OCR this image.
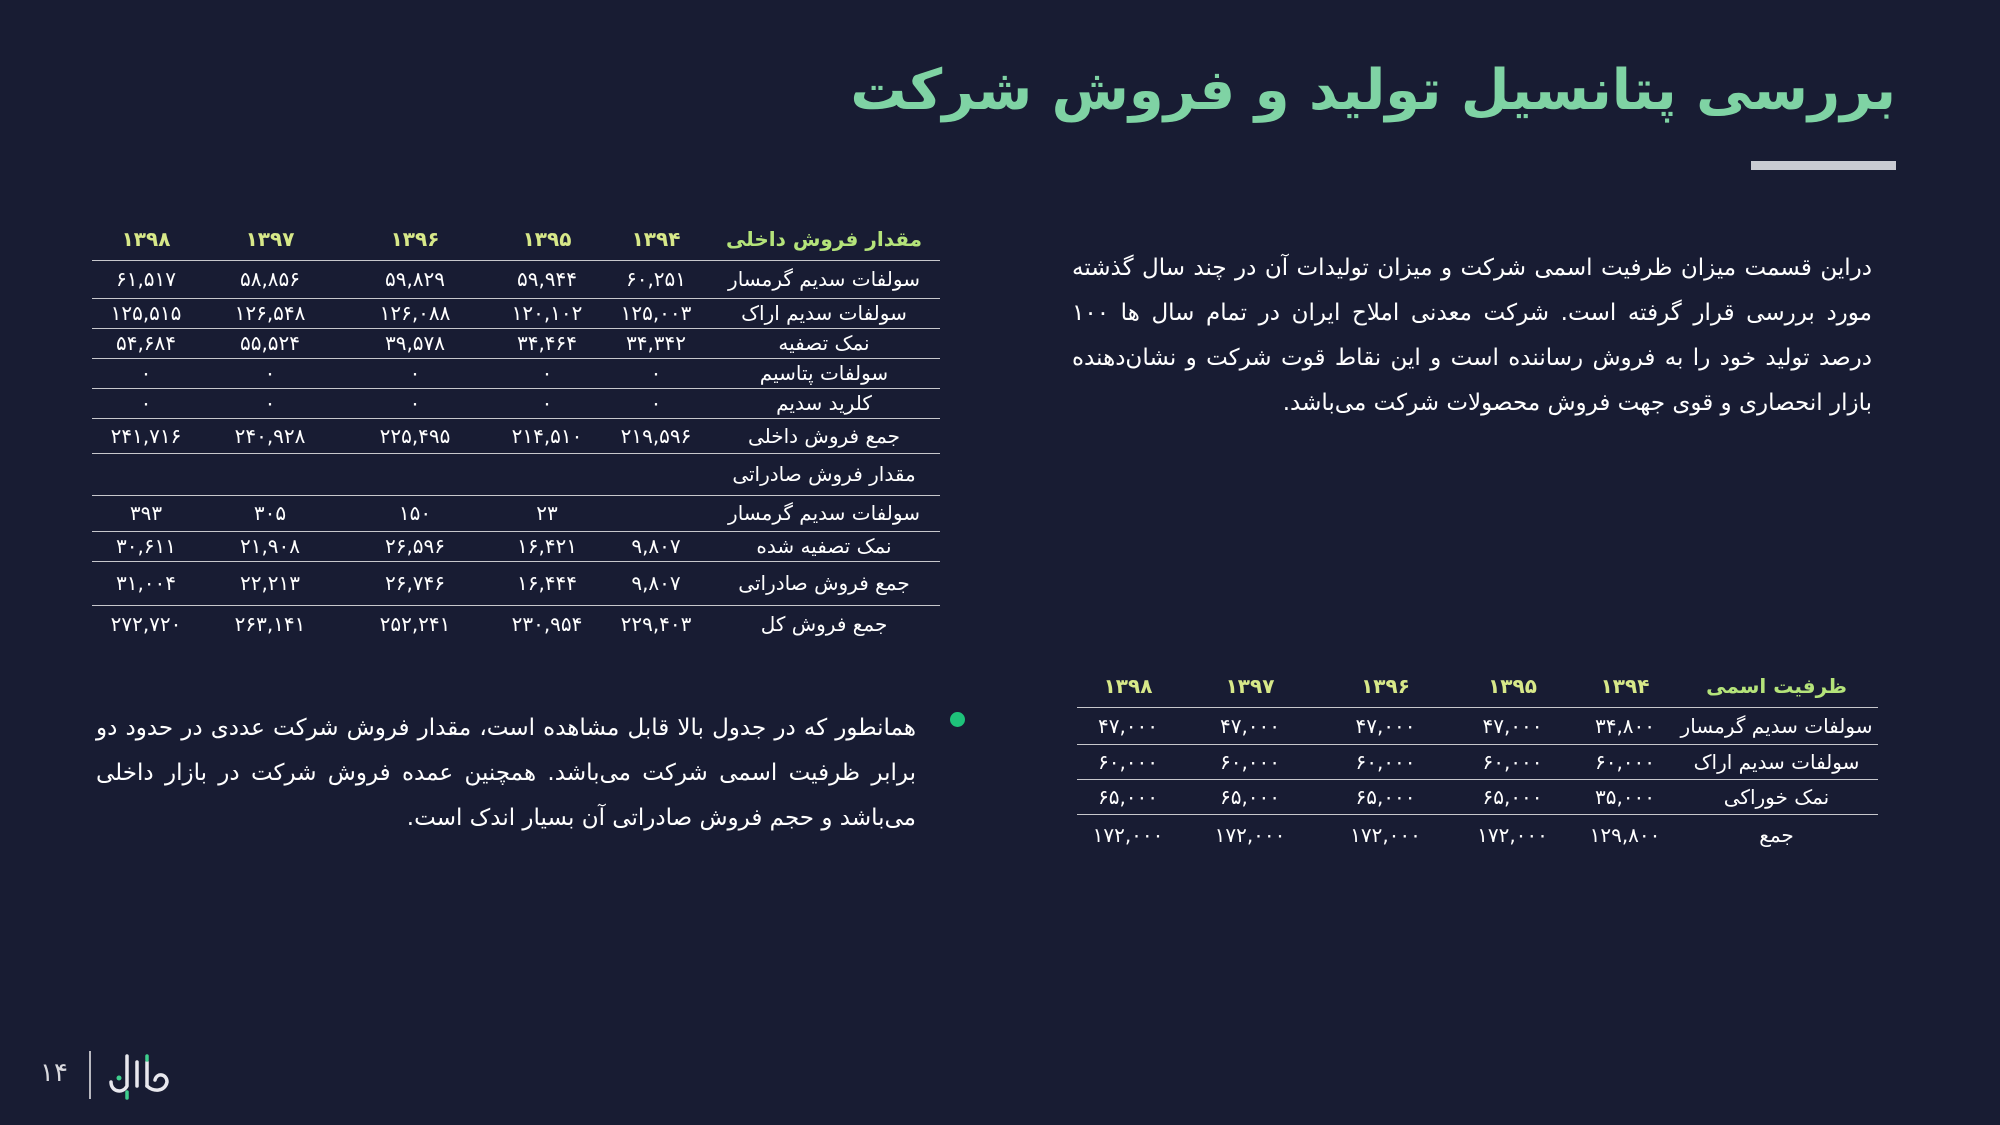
بررسی پتانسیل تولید و فروش شرکت

دراین قسمت میزان ظرفیت اسمی شرکت و میزان تولیدات آن در چند سال گذشته مورد بررسی قرار گرفته است. شرکت معدنی املاح ایران در تمام سال ها ۱۰۰ درصد تولید خود را به فروش رساننده است و این نقاط قوت شرکت و نشان‌دهنده بازار انحصاری و قوی جهت فروش محصولات شرکت می‌باشد.

مقدار فروش داخلی	۱۳۹۴	۱۳۹۵	۱۳۹۶	۱۳۹۷	۱۳۹۸
سولفات سدیم گرمسار	۶۰,۲۵۱	۵۹,۹۴۴	۵۹,۸۲۹	۵۸,۸۵۶	۶۱,۵۱۷
سولفات سدیم اراک	۱۲۵,۰۰۳	۱۲۰,۱۰۲	۱۲۶,۰۸۸	۱۲۶,۵۴۸	۱۲۵,۵۱۵
نمک تصفیه	۳۴,۳۴۲	۳۴,۴۶۴	۳۹,۵۷۸	۵۵,۵۲۴	۵۴,۶۸۴
سولفات پتاسیم	۰	۰	۰	۰	۰
کلرید سدیم	۰	۰	۰	۰	۰
جمع فروش داخلی	۲۱۹,۵۹۶	۲۱۴,۵۱۰	۲۲۵,۴۹۵	۲۴۰,۹۲۸	۲۴۱,۷۱۶
مقدار فروش صادراتی					
سولفات سدیم گرمسار		۲۳	۱۵۰	۳۰۵	۳۹۳
نمک تصفیه شده	۹,۸۰۷	۱۶,۴۲۱	۲۶,۵۹۶	۲۱,۹۰۸	۳۰,۶۱۱
جمع فروش صادراتی	۹,۸۰۷	۱۶,۴۴۴	۲۶,۷۴۶	۲۲,۲۱۳	۳۱,۰۰۴
جمع فروش کل	۲۲۹,۴۰۳	۲۳۰,۹۵۴	۲۵۲,۲۴۱	۲۶۳,۱۴۱	۲۷۲,۷۲۰
ظرفیت اسمی	۱۳۹۴	۱۳۹۵	۱۳۹۶	۱۳۹۷	۱۳۹۸
سولفات سدیم گرمسار	۳۴,۸۰۰	۴۷,۰۰۰	۴۷,۰۰۰	۴۷,۰۰۰	۴۷,۰۰۰
سولفات سدیم اراک	۶۰,۰۰۰	۶۰,۰۰۰	۶۰,۰۰۰	۶۰,۰۰۰	۶۰,۰۰۰
نمک خوراکی	۳۵,۰۰۰	۶۵,۰۰۰	۶۵,۰۰۰	۶۵,۰۰۰	۶۵,۰۰۰
جمع	۱۲۹,۸۰۰	۱۷۲,۰۰۰	۱۷۲,۰۰۰	۱۷۲,۰۰۰	۱۷۲,۰۰۰

همانطور که در جدول بالا قابل مشاهده است، مقدار فروش شرکت عددی در حدود دو برابر ظرفیت اسمی شرکت می‌باشد. همچنین عمده فروش شرکت در بازار داخلی می‌باشد و حجم فروش صادراتی آن بسیار اندک است.

۱۴
